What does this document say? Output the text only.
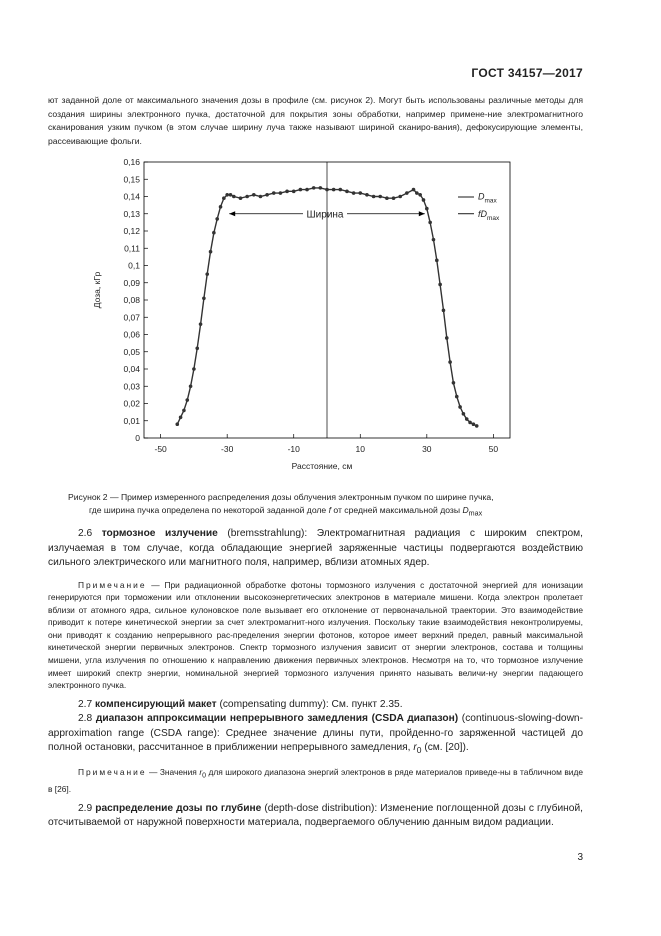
ГОСТ 34157—2017

ют заданной доле от максимального значения дозы в профиле (см. рисунок 2). Могут быть использованы различные методы для создания ширины электронного пучка, достаточной для покрытия зоны обработки, например примене-ние электромагнитного сканирования узким пучком (в этом случае ширину луча также называют шириной сканиро-вания), дефокусирующие элементы, рассеивающие фольги.

0
0,01
0,02
0,03
0,04
0,05
0,06
0,07
0,08
0,09
0,1
0,11
0,12
0,13
0,14
0,15
0,16
-50	-30	-10	10	30	50
Расстояние, см
Доза, кГр
Ширина
$D_{max}$
$fD_{max}$
Рисунок 2 — Пример измеренного распределения дозы облучения электронным пучком по ширине пучка,
где ширина пучка определена по некоторой заданной доле f от средней максимальной дозы $D_{max}$

2.6 тормозное излучение (bremsstrahlung): Электромагнитная радиация с широким спектром, излучаемая в том случае, когда обладающие энергией заряженные частицы подвергаются воздействию сильного электрического или магнитного поля, например, вблизи атомных ядер.

Примечание — При радиационной обработке фотоны тормозного излучения с достаточной энергией для ионизации генерируются при торможении или отклонении высокоэнергетических электронов в материале мишени. Когда электрон пролетает вблизи от атомного ядра, сильное кулоновское поле вызывает его отклонение от первоначальной траектории. Это взаимодействие приводит к потере кинетической энергии за счет электромагнит-ного излучения. Поскольку такие взаимодействия неконтролируемы, они приводят к созданию непрерывного рас-пределения энергии фотонов, которое имеет верхний предел, равный максимальной кинетической энергии первичных электронов. Спектр тормозного излучения зависит от энергии электронов, состава и толщины мишени, угла излучения по отношению к направлению движения первичных электронов. Несмотря на то, что тормозное излучение имеет широкий спектр энергии, номинальной энергией тормозного излучения принято называть величи-ну энергии падающего электронного пучка.

2.7 компенсирующий макет (compensating dummy): См. пункт 2.35.

2.8 диапазон аппроксимации непрерывного замедления (CSDA диапазон) (continuous-slowing-down-approximation range (CSDA range): Среднее значение длины пути, пройденно-го заряженной частицей до полной остановки, рассчитанное в приближении непрерывного замедления, $r_0$ (см. [20]).

Примечание — Значения $r_0$ для широкого диапазона энергий электронов в ряде материалов приведе-ны в табличном виде в [26].

2.9 распределение дозы по глубине (depth-dose distribution): Изменение поглощенной дозы с глубиной, отсчитываемой от наружной поверхности материала, подвергаемого облучению данным видом радиации.

3
